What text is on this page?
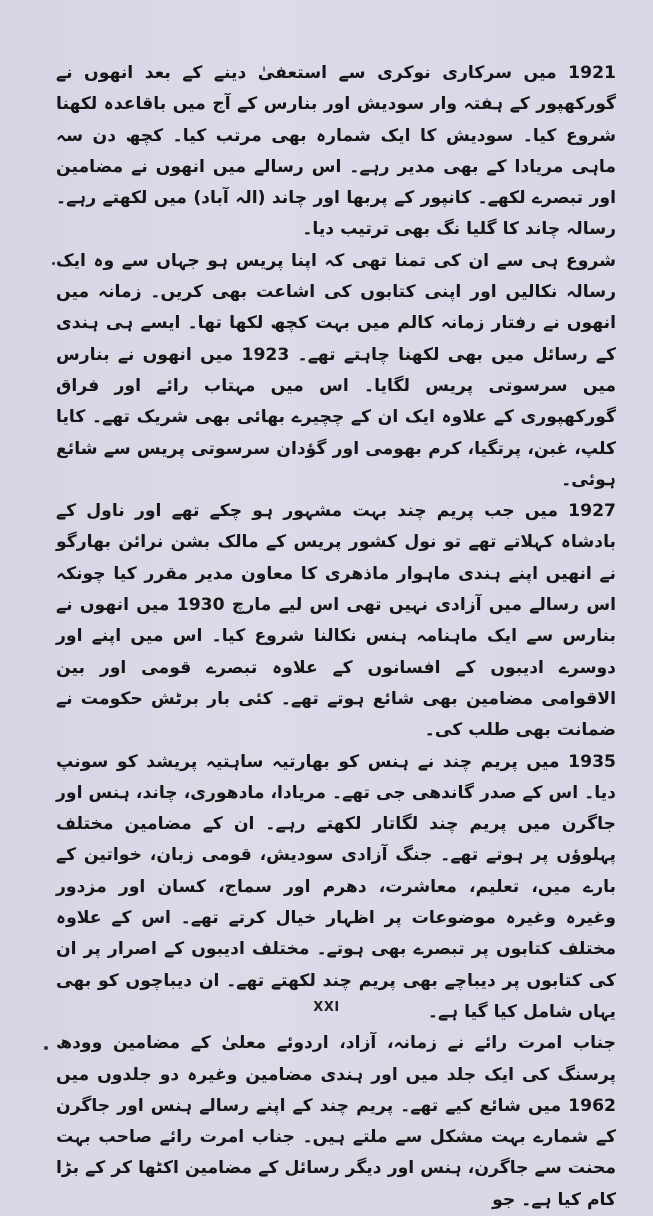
1921 میں سرکاری نوکری سے استعفیٰ دینے کے بعد انھوں نے گورکھپور کے ہفتہ وار سودیش اور بنارس کے آج میں باقاعدہ لکھنا شروع کیا۔ سودیش کا ایک شمارہ بھی مرتب کیا۔ کچھ دن سہ ماہی مریادا کے بھی مدیر رہے۔ اس رسالے میں انھوں نے مضامین اور تبصرے لکھے۔ کانپور کے پربھا اور چاند (الہ آباد) میں لکھتے رہے۔ رسالہ چاند کا گلیا نگ بھی ترتیب دیا۔

شروع ہی سے ان کی تمنا تھی کہ اپنا پریس ہو جہاں سے وہ ایک رسالہ نکالیں اور اپنی کتابوں کی اشاعت بھی کریں۔ زمانہ میں انھوں نے رفتار زمانہ کالم میں بہت کچھ لکھا تھا۔ ایسے ہی ہندی کے رسائل میں بھی لکھنا چاہتے تھے۔ 1923 میں انھوں نے بنارس میں سرسوتی پریس لگایا۔ اس میں مہتاب رائے اور فراق گورکھپوری کے علاوہ ایک ان کے چچیرے بھائی بھی شریک تھے۔ کایا کلپ، غبن، پرتگیا، کرم بھومی اور گؤدان سرسوتی پریس سے شائع ہوئی۔

1927 میں جب پریم چند بہت مشہور ہو چکے تھے اور ناول کے بادشاہ کہلاتے تھے تو نول کشور پریس کے مالک بشن نرائن بھارگو نے انھیں اپنے ہندی ماہوار ماذھری کا معاون مدیر مقرر کیا چونکہ اس رسالے میں آزادی نہیں تھی اس لیے مارچ 1930 میں انھوں نے بنارس سے ایک ماہنامہ ہنس نکالنا شروع کیا۔ اس میں اپنے اور دوسرے ادیبوں کے افسانوں کے علاوہ تبصرے قومی اور بین الاقوامی مضامین بھی شائع ہوتے تھے۔ کئی بار برٹش حکومت نے ضمانت بھی طلب کی۔

1935 میں پریم چند نے ہنس کو بھارتیہ ساہتیہ پریشد کو سونپ دیا۔ اس کے صدر گاندھی جی تھے۔ مریادا، مادھوری، چاند، ہنس اور جاگرن میں پریم چند لگاتار لکھتے رہے۔ ان کے مضامین مختلف پہلوؤں پر ہوتے تھے۔ جنگ آزادی سودیش، قومی زبان، خواتین کے بارے میں، تعلیم، معاشرت، دھرم اور سماج، کسان اور مزدور وغیرہ وغیرہ موضوعات پر اظہار خیال کرتے تھے۔ اس کے علاوہ مختلف کتابوں پر تبصرے بھی ہوتے۔ مختلف ادیبوں کے اصرار پر ان کی کتابوں پر دیباچے بھی پریم چند لکھتے تھے۔ ان دیباچوں کو بھی یہاں شامل کیا گیا ہے۔

جناب امرت رائے نے زمانہ، آزاد، اردوئے معلیٰ کے مضامین وودھ پرسنگ کی ایک جلد میں اور ہندی مضامین وغیرہ دو جلدوں میں 1962 میں شائع کیے تھے۔ پریم چند کے اپنے رسالے ہنس اور جاگرن کے شمارے بہت مشکل سے ملتے ہیں۔ جناب امرت رائے صاحب بہت محنت سے جاگرن، ہنس اور دیگر رسائل کے مضامین اکٹھا کر کے بڑا کام کیا ہے۔ جو

XXI
